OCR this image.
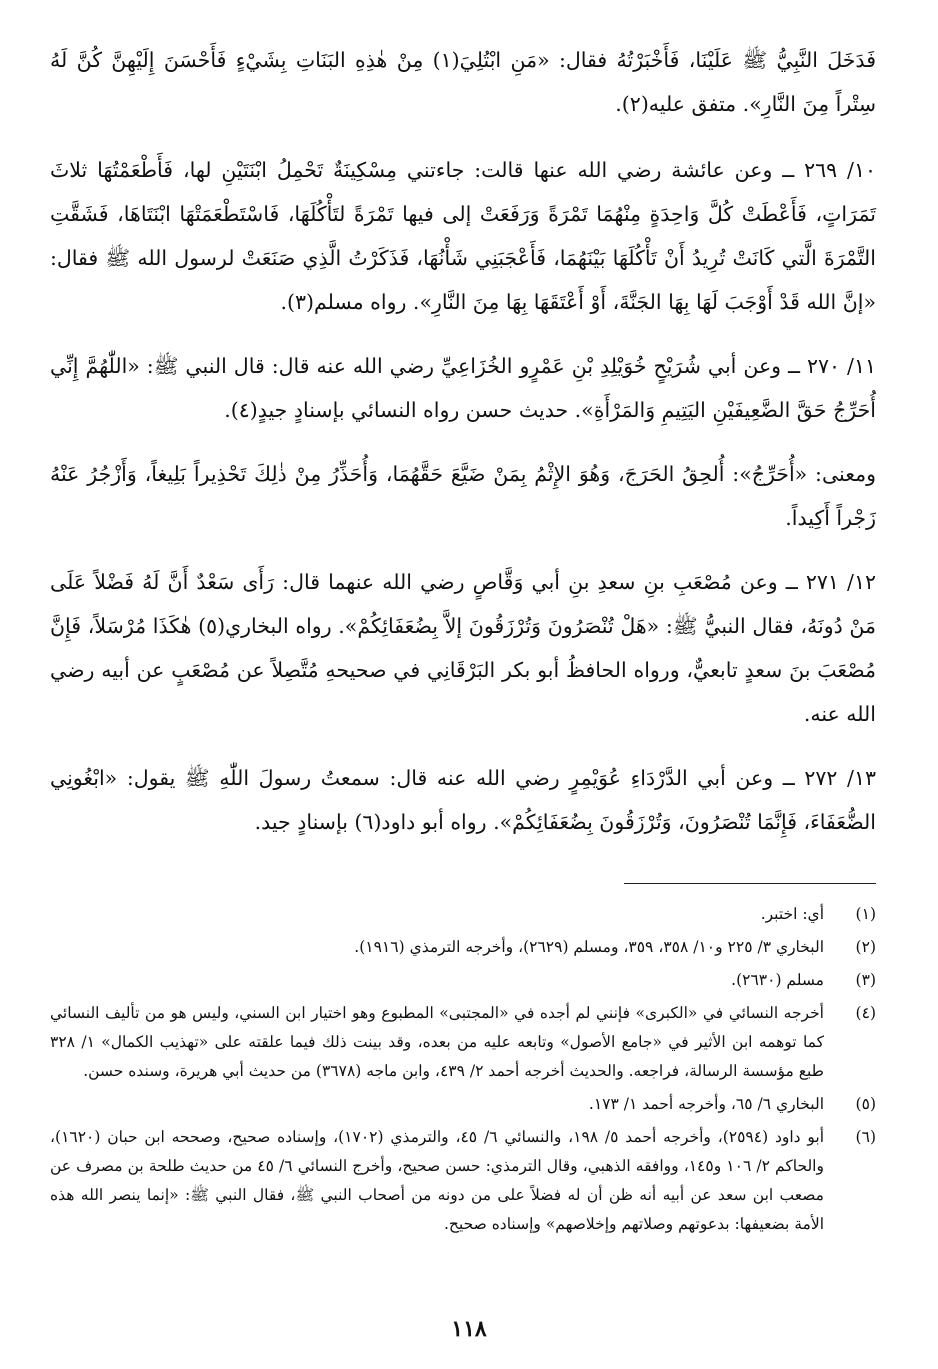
فَدَخَلَ النَّبِيُّ ﷺ عَلَيْنَا، فَأَخْبَرْتُهُ فقال: «مَنِ ابْتُلِيَ(١) مِنْ هٰذِهِ البَنَاتِ بِشَيْءٍ فَأَحْسَنَ إِلَيْهِنَّ كُنَّ لَهُ سِتْراً مِنَ النَّارِ». متفق عليه(٢).

١٠/ ٢٦٩ ــ وعن عائشة رضي الله عنها قالت: جاءتني مِسْكِينَةٌ تَحْمِلُ ابْنَتَيْنِ لها، فَأَطْعَمْتُهَا ثلاثَ تَمَرَاتٍ، فَأَعْطَتْ كُلَّ وَاحِدَةٍ مِنْهُمَا تَمْرَةً وَرَفَعَتْ إلى فيها تَمْرَةً لتَأْكُلَهَا، فَاسْتَطْعَمَتْهَا ابْنَتَاهَا، فَشَقَّتِ التَّمْرَةَ الَّتي كَانَتْ تُرِيدُ أَنْ تَأْكُلَهَا بَيْنَهُمَا، فَأَعْجَبَنِي شَأْنُهَا، فَذَكَرْتُ الَّذِي صَنَعَتْ لرسول الله ﷺ فقال: «إنَّ الله قَدْ أَوْجَبَ لَهَا بِهَا الجَنَّةَ، أَوْ أَعْتَقَهَا بِهَا مِنَ النَّارِ». رواه مسلم(٣).

١١/ ٢٧٠ ــ وعن أبي شُرَيْحٍ خُوَيْلِدِ بْنِ عَمْرٍو الخُزَاعِيِّ رضي الله عنه قال: قال النبي ﷺ: «اللّٰهُمَّ إِنِّي أُحَرِّجُ حَقَّ الضَّعِيفَيْنِ اليَتِيمِ وَالمَرْأَةِ». حديث حسن رواه النسائي بإسنادٍ جيدٍ(٤).

ومعنى: «أُحَرِّجُ»: أُلحِقُ الحَرَجَ، وَهُوَ الإِثْمُ بِمَنْ ضَيَّعَ حَقَّهُمَا، وَأُحَذِّرُ مِنْ ذٰلِكَ تَحْذِيراً بَلِيغاً، وَأَزْجُرُ عَنْهُ زَجْراً أَكِيداً.

١٢/ ٢٧١ ــ وعن مُصْعَبِ بنِ سعدِ بنِ أبي وَقَّاصٍ رضي الله عنهما قال: رَأَى سَعْدٌ أَنَّ لَهُ فَضْلاً عَلَى مَنْ دُونَهُ، فقال النبيُّ ﷺ: «هَلْ تُنْصَرُونَ وَتُرْزَقُونَ إلاَّ بِضُعَفَائِكُمْ». رواه البخاري(٥) هٰكَذَا مُرْسَلاً، فَإِنَّ مُصْعَبَ بنَ سعدٍ تابعيٌّ، ورواه الحافظُ أبو بكر البَرْقَانِي في صحيحهِ مُتَّصِلاً عن مُصْعَبٍ عن أبيه رضي الله عنه.

١٣/ ٢٧٢ ــ وعن أبي الدَّرْدَاءِ عُوَيْمِرٍ رضي الله عنه قال: سمعتُ رسولَ اللّٰهِ ﷺ يقول: «ابْغُونِي الضُّعَفَاءَ، فَإِنَّمَا تُنْصَرُونَ، وَتُرْزَقُونَ بِضُعَفَائِكُمْ». رواه أبو داود(٦) بإسنادٍ جيد.

(١)
أي: اختبر.
(٢)
البخاري ٣/ ٢٢٥ و١٠/ ٣٥٨، ٣٥٩، ومسلم (٢٦٢٩)، وأخرجه الترمذي (١٩١٦).
(٣)
مسلم (٢٦٣٠).
(٤)
أخرجه النسائي في «الكبرى» فإنني لم أجده في «المجتبى» المطبوع وهو اختيار ابن السني، وليس هو من تأليف النسائي كما توهمه ابن الأثير في «جامع الأصول» وتابعه عليه من بعده، وقد بينت ذلك فيما علقته على «تهذيب الكمال» ١/ ٣٢٨ طبع مؤسسة الرسالة، فراجعه. والحديث أخرجه أحمد ٢/ ٤٣٩، وابن ماجه (٣٦٧٨) من حديث أبي هريرة، وسنده حسن.
(٥)
البخاري ٦/ ٦٥، وأخرجه أحمد ١/ ١٧٣.
(٦)
أبو داود (٢٥٩٤)، وأخرجه أحمد ٥/ ١٩٨، والنسائي ٦/ ٤٥، والترمذي (١٧٠٢)، وإسناده صحيح، وصححه ابن حبان (١٦٢٠)، والحاكم ٢/ ١٠٦ و١٤٥، ووافقه الذهبي، وقال الترمذي: حسن صحيح، وأخرج النسائي ٦/ ٤٥ من حديث طلحة بن مصرف عن مصعب ابن سعد عن أبيه أنه ظن أن له فضلاً على من دونه من أصحاب النبي ﷺ، فقال النبي ﷺ: «إنما ينصر الله هذه الأمة بضعيفها: بدعوتهم وصلاتهم وإخلاصهم» وإسناده صحيح.
١١٨
